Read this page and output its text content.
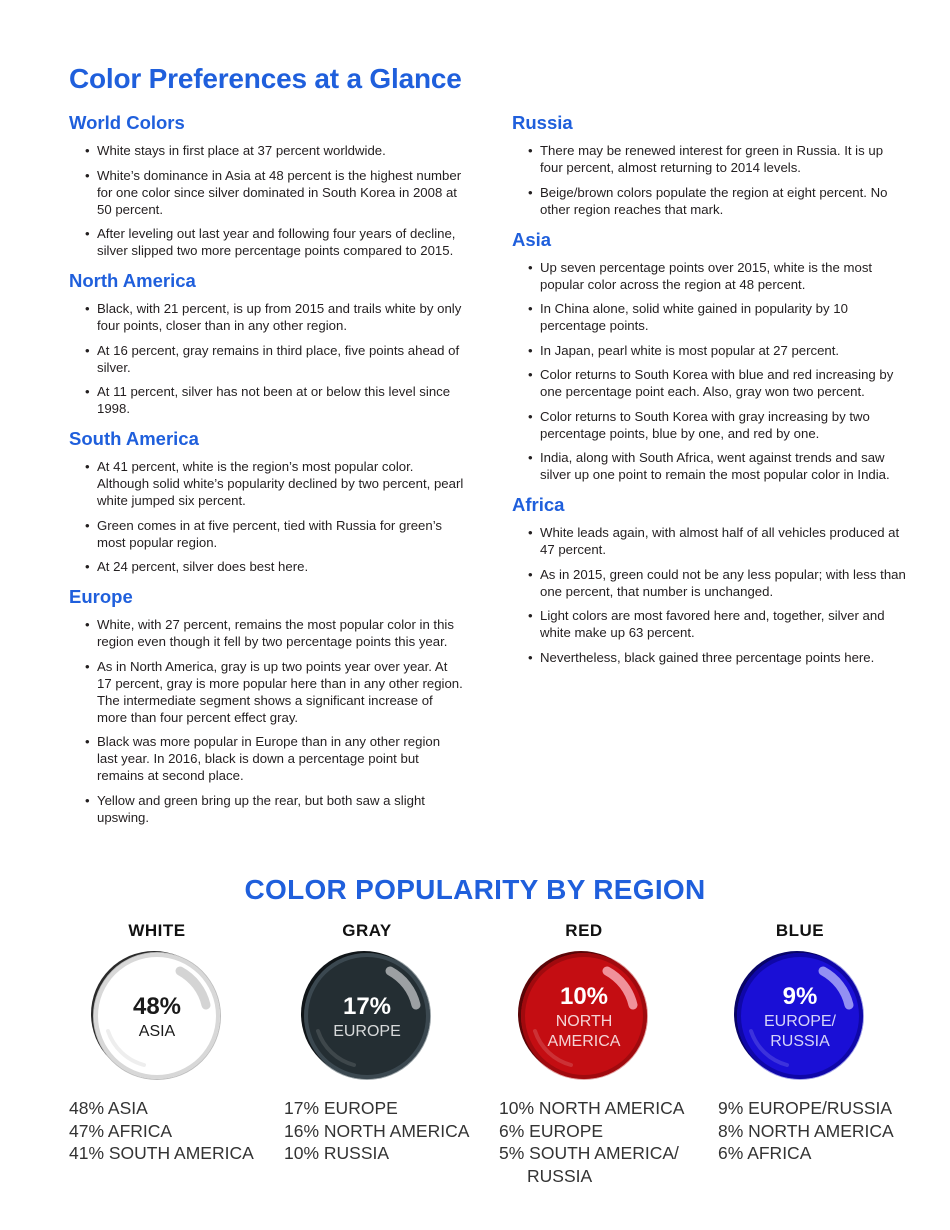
Color Preferences at a Glance
World Colors
• White stays in first place at 37 percent worldwide.
• White’s dominance in Asia at 48 percent is the highest number for one color since silver dominated in South Korea in 2008 at 50 percent.
• After leveling out last year and following four years of decline, silver slipped two more percentage points compared to 2015.
North America
• Black, with 21 percent, is up from 2015 and trails white by only four points, closer than in any other region.
• At 16 percent, gray remains in third place, five points ahead of silver.
• At 11 percent, silver has not been at or below this level since 1998.
South America
• At 41 percent, white is the region’s most popular color. Although solid white’s popularity declined by two percent, pearl white jumped six percent.
• Green comes in at five percent, tied with Russia for green’s most popular region.
• At 24 percent, silver does best here.
Europe
• White, with 27 percent, remains the most popular color in this region even though it fell by two percentage points this year.
• As in North America, gray is up two points year over year. At 17 percent, gray is more popular here than in any other region. The intermediate segment shows a significant increase of more than four percent effect gray.
• Black was more popular in Europe than in any other region last year. In 2016, black is down a percentage point but remains at second place.
• Yellow and green bring up the rear, but both saw a slight upswing.
Russia
• There may be renewed interest for green in Russia. It is up four percent, almost returning to 2014 levels.
• Beige/brown colors populate the region at eight percent. No other region reaches that mark.
Asia
• Up seven percentage points over 2015, white is the most popular color across the region at 48 percent.
• In China alone, solid white gained in popularity by 10 percentage points.
• In Japan, pearl white is most popular at 27 percent.
• Color returns to South Korea with blue and red increasing by one percentage point each. Also, gray won two percent.
• Color returns to South Korea with gray increasing by two percentage points, blue by one, and red by one.
• India, along with South Africa, went against trends and saw silver up one point to remain the most popular color in India.
Africa
• White leads again, with almost half of all vehicles produced at 47 percent.
• As in 2015, green could not be any less popular; with less than one percent, that number is unchanged.
• Light colors are most favored here and, together, silver and white make up 63 percent.
• Nevertheless, black gained three percentage points here.
COLOR POPULARITY BY REGION
WHITE
48%
ASIA
GRAY
17%
EUROPE
RED
10%
NORTH
AMERICA
BLUE
9%
EUROPE/
RUSSIA
48% ASIA
47% AFRICA
41% SOUTH AMERICA
17% EUROPE
16% NORTH AMERICA
10% RUSSIA
10% NORTH AMERICA
6% EUROPE
5% SOUTH AMERICA/
RUSSIA
9% EUROPE/RUSSIA
8% NORTH AMERICA
6% AFRICA
